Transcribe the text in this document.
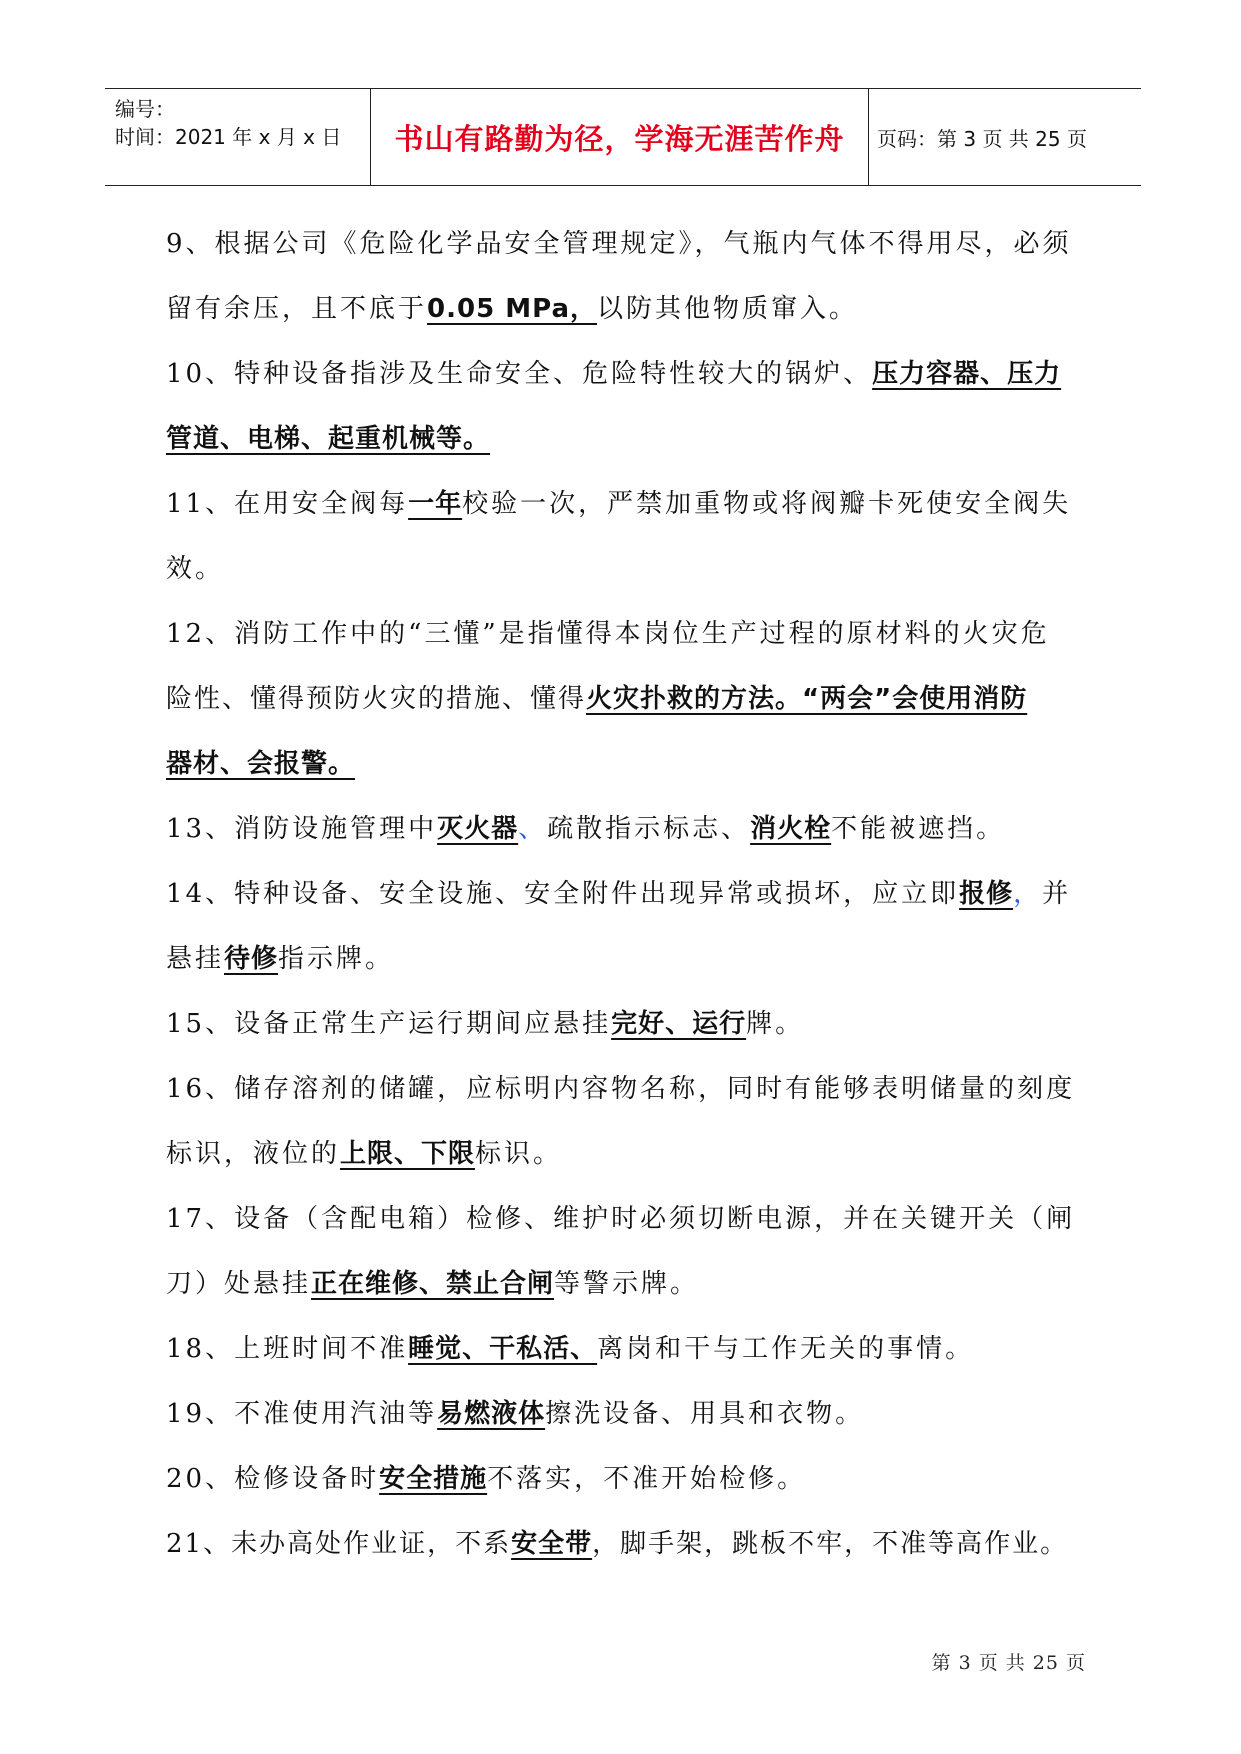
编号：
时间：2021 年 x 月 x 日	书山有路勤为径，学海无涯苦作舟	页码：第 3 页 共 25 页
9、根据公司《危险化学品安全管理规定》，气瓶内气体不得用尽，必须
留有余压，且不底于0.05 MPa，以防其他物质窜入。
10、特种设备指涉及生命安全、危险特性较大的锅炉、压力容器、压力
管道、电梯、起重机械等。
11、在用安全阀每一年校验一次，严禁加重物或将阀瓣卡死使安全阀失
效。
12、消防工作中的“三懂”是指懂得本岗位生产过程的原材料的火灾危
险性、懂得预防火灾的措施、懂得火灾扑救的方法。“两会”会使用消防
器材、会报警。
13、消防设施管理中灭火器、疏散指示标志、消火栓不能被遮挡。
14、特种设备、安全设施、安全附件出现异常或损坏，应立即报修，并
悬挂待修指示牌。
15、设备正常生产运行期间应悬挂完好、运行牌。
16、储存溶剂的储罐，应标明内容物名称，同时有能够表明储量的刻度
标识，液位的上限、下限标识。
17、设备（含配电箱）检修、维护时必须切断电源，并在关键开关（闸
刀）处悬挂正在维修、禁止合闸等警示牌。
18、上班时间不准睡觉、干私活、离岗和干与工作无关的事情。
19、不准使用汽油等易燃液体擦洗设备、用具和衣物。
20、检修设备时安全措施不落实，不准开始检修。
21、未办高处作业证，不系安全带，脚手架，跳板不牢，不准等高作业。
第 3 页 共 25 页
